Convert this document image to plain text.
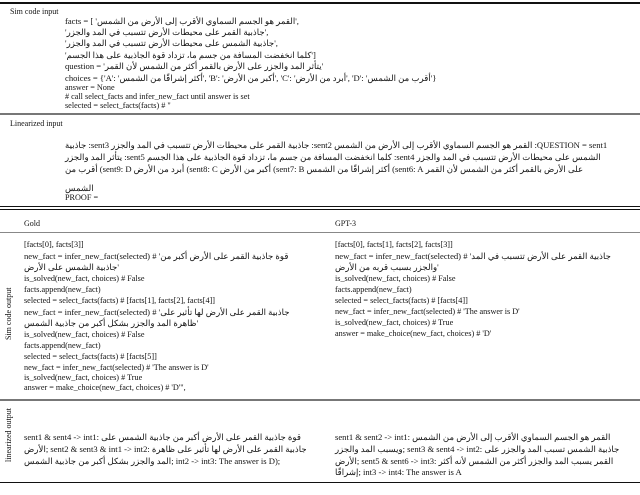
Sim code input
facts = [ 'القمر هو الجسم السماوي الأقرب إلى الأرض من الشمس',
'جاذبية القمر على محيطات الأرض تتسبب في المد والجزر',
'جاذبية الشمس على محيطات الأرض تتسبب في المد والجزر',
'كلما انخفضت المسافة من جسم ما، تزداد قوة الجاذبية على هذا الجسم']
question = 'يتأثر المد والجزر على الأرض بالقمر أكثر من الشمس لأن القمر'
choices = {'A': 'أكثر إشراقًا من الشمس', 'B': 'أكبر من الأرض', 'C': 'أبرد من الأرض', 'D': 'أقرب من الشمس'}
answer = None
# call select_facts and infer_new_fact until answer is set
selected = select_facts(facts) # "
Linearized input
QUESTION = sent1: القمر هو الجسم السماوي الأقرب إلى الأرض من الشمس sent2: جاذبية القمر على محيطات الأرض تتسبب في المد والجزر sent3: جاذبية
الشمس على محيطات الأرض تتسبب في المد والجزر sent4: كلما انخفضت المسافة من جسم ما، تزداد قوة الجاذبية على هذا الجسم sent5: يتأثر المد والجزر
على الأرض بالقمر أكثر من الشمس لأن القمر sent6: A) أكثر إشراقًا من الشمس sent7: B) أكبر من الأرض sent8: C) أبرد من الأرض sent9: D) أقرب من
الشمس
PROOF =
Gold	GPT-3
Sim code output
[facts[0], facts[3]]
new_fact = infer_new_fact(selected) # 'قوة جاذبية القمر على الأرض أكبر من
جاذبية الشمس على الأرض'
is_solved(new_fact, choices) # False
facts.append(new_fact)
selected = select_facts(facts) # [facts[1], facts[2], facts[4]]
new_fact = infer_new_fact(selected) # 'جاذبية القمر على الأرض لها تأثير على
ظاهرة المد والجزر بشكل أكبر من جاذبية الشمس'
is_solved(new_fact, choices) # False
facts.append(new_fact)
selected = select_facts(facts) # [facts[5]]
new_fact = infer_new_fact(selected) # 'The answer is D'
is_solved(new_fact, choices) # True
answer = make_choice(new_fact, choices) # 'D'",
[facts[0], facts[1], facts[2], facts[3]]
new_fact = infer_new_fact(selected) # 'جاذبية القمر على الأرض تتسبب في المد
والجزر بسبب قربه من الأرض'
is_solved(new_fact, choices) # False
facts.append(new_fact)
selected = select_facts(facts) # [facts[4]]
new_fact = infer_new_fact(selected) # 'The answer is D'
is_solved(new_fact, choices) # True
answer = make_choice(new_fact, choices) # 'D'
linearized output sent1 & sent4 -> int1: قوة جاذبية القمر على الأرض أكبر من جاذبية الشمس على
الأرض; sent2 & sent3 & int1 -> int2: جاذبية القمر على الأرض لها تأثير على ظاهرة
المد والجزر بشكل أكبر من جاذبية الشمس; int2 -> int3: The answer is D);
sent1 & sent2 -> int1: القمر هو الجسم السماوي الأقرب إلى الأرض من الشمس
ويسبب المد والجزر; sent3 & sent4 -> int2: جاذبية الشمس تسبب المد والجزر على
الأرض; sent5 & sent6 -> int3: القمر يسبب المد والجزر أكثر من الشمس لأنه أكثر
إشراقًا; int3 -> int4: The answer is A
